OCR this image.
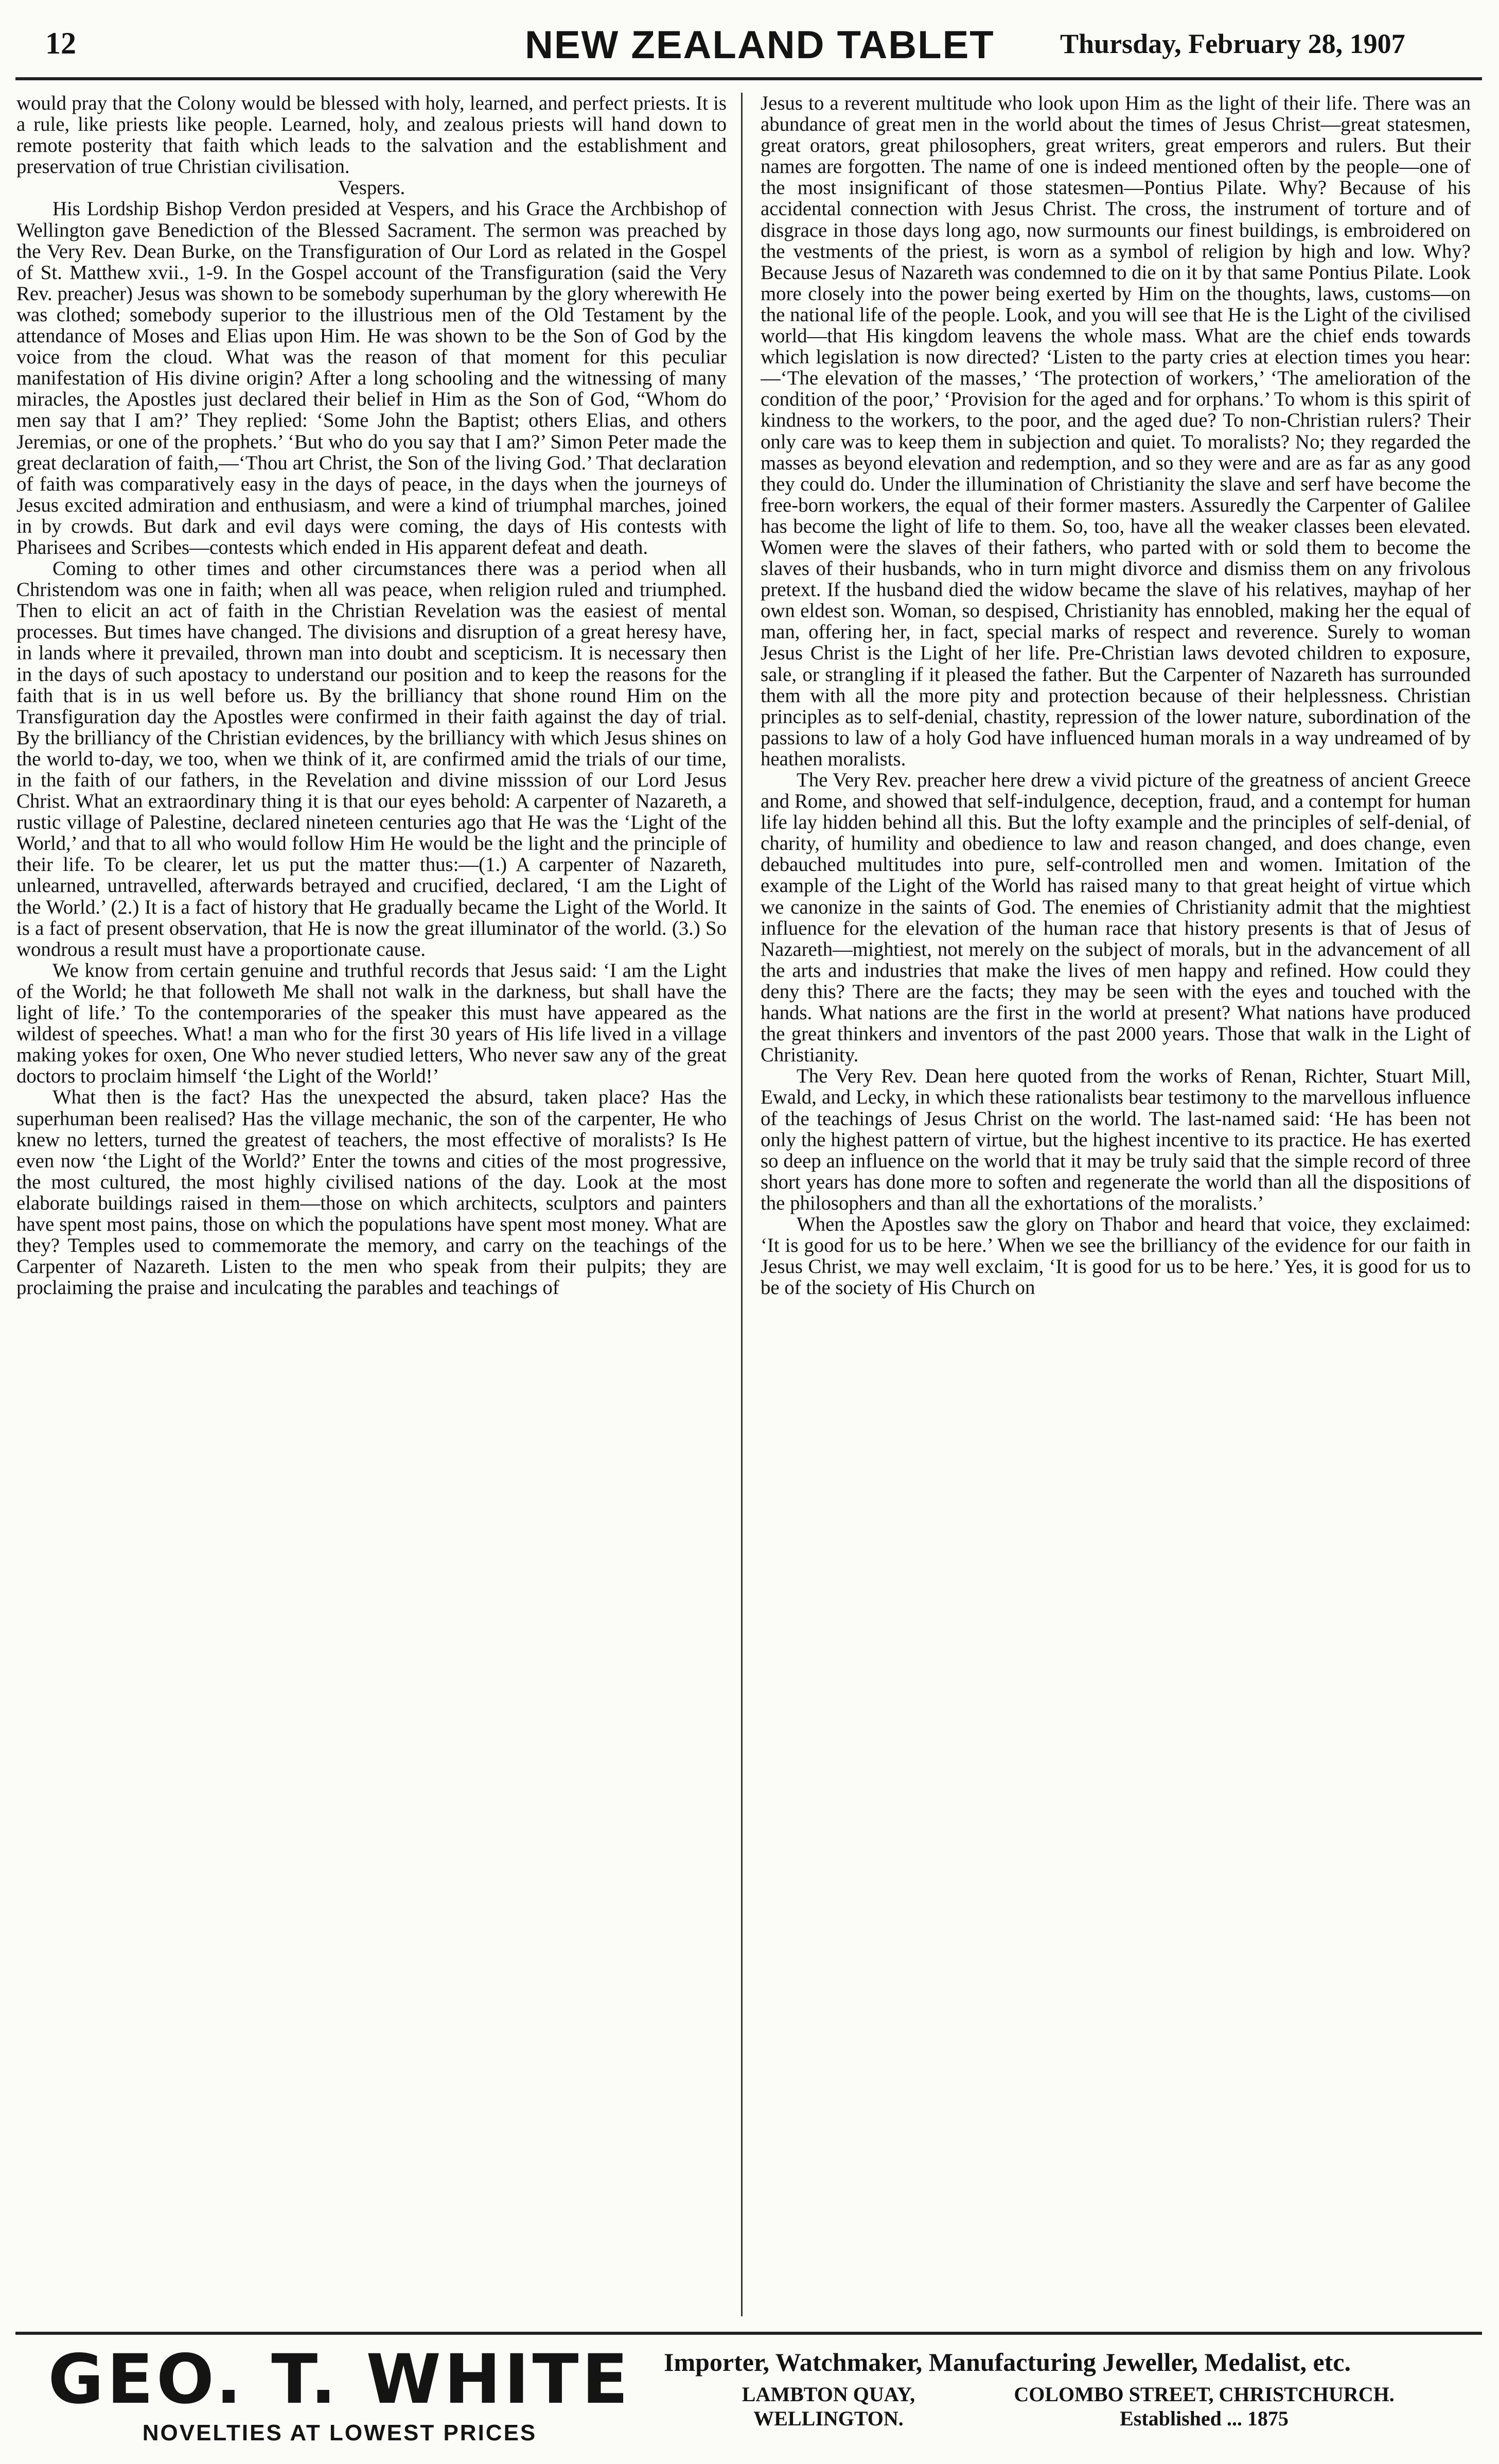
12	NEW ZEALAND TABLET Thursday, February 28, 1907

would pray that the Colony would be blessed with holy, learned, and perfect priests. It is a rule, like priests like people. Learned, holy, and zealous priests will hand down to remote posterity that faith which leads to the salvation and the establishment and preservation of true Christian civilisation.

Vespers.

His Lordship Bishop Verdon presided at Vespers, and his Grace the Archbishop of Wellington gave Benediction of the Blessed Sacrament. The sermon was preached by the Very Rev. Dean Burke, on the Transfiguration of Our Lord as related in the Gospel of St. Matthew xvii., 1-9. In the Gospel account of the Transfiguration (said the Very Rev. preacher) Jesus was shown to be somebody superhuman by the glory wherewith He was clothed; somebody superior to the illustrious men of the Old Testament by the attendance of Moses and Elias upon Him. He was shown to be the Son of God by the voice from the cloud. What was the reason of that moment for this peculiar manifestation of His divine origin? After a long schooling and the witnessing of many miracles, the Apostles just declared their belief in Him as the Son of God, “Whom do men say that I am?’ They replied: ‘Some John the Baptist; others Elias, and others Jeremias, or one of the prophets.’ ‘But who do you say that I am?’ Simon Peter made the great declaration of faith,—‘Thou art Christ, the Son of the living God.’ That declaration of faith was comparatively easy in the days of peace, in the days when the journeys of Jesus excited admiration and enthusiasm, and were a kind of triumphal marches, joined in by crowds. But dark and evil days were coming, the days of His contests with Pharisees and Scribes—contests which ended in His apparent defeat and death.

Coming to other times and other circumstances there was a period when all Christendom was one in faith; when all was peace, when religion ruled and triumphed. Then to elicit an act of faith in the Christian Revelation was the easiest of mental processes. But times have changed. The divisions and disruption of a great heresy have, in lands where it prevailed, thrown man into doubt and scepticism. It is necessary then in the days of such apostacy to understand our position and to keep the reasons for the faith that is in us well before us. By the brilliancy that shone round Him on the Transfiguration day the Apostles were confirmed in their faith against the day of trial. By the brilliancy of the Christian evidences, by the brilliancy with which Jesus shines on the world to-day, we too, when we think of it, are confirmed amid the trials of our time, in the faith of our fathers, in the Revelation and divine misssion of our Lord Jesus Christ. What an extraordinary thing it is that our eyes behold: A carpenter of Nazareth, a rustic village of Palestine, declared nineteen centuries ago that He was the ‘Light of the World,’ and that to all who would follow Him He would be the light and the principle of their life. To be clearer, let us put the matter thus:—(1.) A carpenter of Nazareth, unlearned, untravelled, afterwards betrayed and crucified, declared, ‘I am the Light of the World.’ (2.) It is a fact of history that He gradually became the Light of the World. It is a fact of present observation, that He is now the great illuminator of the world. (3.) So wondrous a result must have a proportionate cause.

We know from certain genuine and truthful records that Jesus said: ‘I am the Light of the World; he that followeth Me shall not walk in the darkness, but shall have the light of life.’ To the contemporaries of the speaker this must have appeared as the wildest of speeches. What! a man who for the first 30 years of His life lived in a village making yokes for oxen, One Who never studied letters, Who never saw any of the great doctors to proclaim himself ‘the Light of the World!’

What then is the fact? Has the unexpected the absurd, taken place? Has the superhuman been realised? Has the village mechanic, the son of the carpenter, He who knew no letters, turned the greatest of teachers, the most effective of moralists? Is He even now ‘the Light of the World?’ Enter the towns and cities of the most progressive, the most cultured, the most highly civilised nations of the day. Look at the most elaborate buildings raised in them—those on which architects, sculptors and painters have spent most pains, those on which the populations have spent most money. What are they? Temples used to commemorate the memory, and carry on the teachings of the Carpenter of Nazareth. Listen to the men who speak from their pulpits; they are proclaiming the praise and inculcating the parables and teachings of

Jesus to a reverent multitude who look upon Him as the light of their life. There was an abundance of great men in the world about the times of Jesus Christ—great statesmen, great orators, great philosophers, great writers, great emperors and rulers. But their names are forgotten. The name of one is indeed mentioned often by the people—one of the most insignificant of those statesmen—Pontius Pilate. Why? Because of his accidental connection with Jesus Christ. The cross, the instrument of torture and of disgrace in those days long ago, now surmounts our finest buildings, is embroidered on the vestments of the priest, is worn as a symbol of religion by high and low. Why? Because Jesus of Nazareth was condemned to die on it by that same Pontius Pilate. Look more closely into the power being exerted by Him on the thoughts, laws, customs—on the national life of the people. Look, and you will see that He is the Light of the civilised world—that His kingdom leavens the whole mass. What are the chief ends towards which legislation is now directed? ‘Listen to the party cries at election times you hear:—‘The elevation of the masses,’ ‘The protection of workers,’ ‘The amelioration of the condition of the poor,’ ‘Provision for the aged and for orphans.’ To whom is this spirit of kindness to the workers, to the poor, and the aged due? To non-Christian rulers? Their only care was to keep them in subjection and quiet. To moralists? No; they regarded the masses as beyond elevation and redemption, and so they were and are as far as any good they could do. Under the illumination of Christianity the slave and serf have become the free-born workers, the equal of their former masters. Assuredly the Carpenter of Galilee has become the light of life to them. So, too, have all the weaker classes been elevated. Women were the slaves of their fathers, who parted with or sold them to become the slaves of their husbands, who in turn might divorce and dismiss them on any frivolous pretext. If the husband died the widow became the slave of his relatives, mayhap of her own eldest son. Woman, so despised, Christianity has ennobled, making her the equal of man, offering her, in fact, special marks of respect and reverence. Surely to woman Jesus Christ is the Light of her life. Pre-Christian laws devoted children to exposure, sale, or strangling if it pleased the father. But the Carpenter of Nazareth has surrounded them with all the more pity and protection because of their helplessness. Christian principles as to self-denial, chastity, repression of the lower nature, subordination of the passions to law of a holy God have influenced human morals in a way undreamed of by heathen moralists.

The Very Rev. preacher here drew a vivid picture of the greatness of ancient Greece and Rome, and showed that self-indulgence, deception, fraud, and a contempt for human life lay hidden behind all this. But the lofty example and the principles of self-denial, of charity, of humility and obedience to law and reason changed, and does change, even debauched multitudes into pure, self-controlled men and women. Imitation of the example of the Light of the World has raised many to that great height of virtue which we canonize in the saints of God. The enemies of Christianity admit that the mightiest influence for the elevation of the human race that history presents is that of Jesus of Nazareth—mightiest, not merely on the subject of morals, but in the advancement of all the arts and industries that make the lives of men happy and refined. How could they deny this? There are the facts; they may be seen with the eyes and touched with the hands. What nations are the first in the world at present? What nations have produced the great thinkers and inventors of the past 2000 years. Those that walk in the Light of Christianity.

The Very Rev. Dean here quoted from the works of Renan, Richter, Stuart Mill, Ewald, and Lecky, in which these rationalists bear testimony to the marvellous influence of the teachings of Jesus Christ on the world. The last-named said: ‘He has been not only the highest pattern of virtue, but the highest incentive to its practice. He has exerted so deep an influence on the world that it may be truly said that the simple record of three short years has done more to soften and regenerate the world than all the dispositions of the philosophers and than all the exhortations of the moralists.’

When the Apostles saw the glory on Thabor and heard that voice, they exclaimed: ‘It is good for us to be here.’ When we see the brilliancy of the evidence for our faith in Jesus Christ, we may well exclaim, ‘It is good for us to be here.’ Yes, it is good for us to be of the society of His Church on

GEO. T. WHITE
NOVELTIES AT LOWEST PRICES
Importer, Watchmaker, Manufacturing Jeweller, Medalist, etc.
LAMBTON QUAY,
WELLINGTON.
COLOMBO STREET, CHRISTCHURCH.
Established ... 1875
